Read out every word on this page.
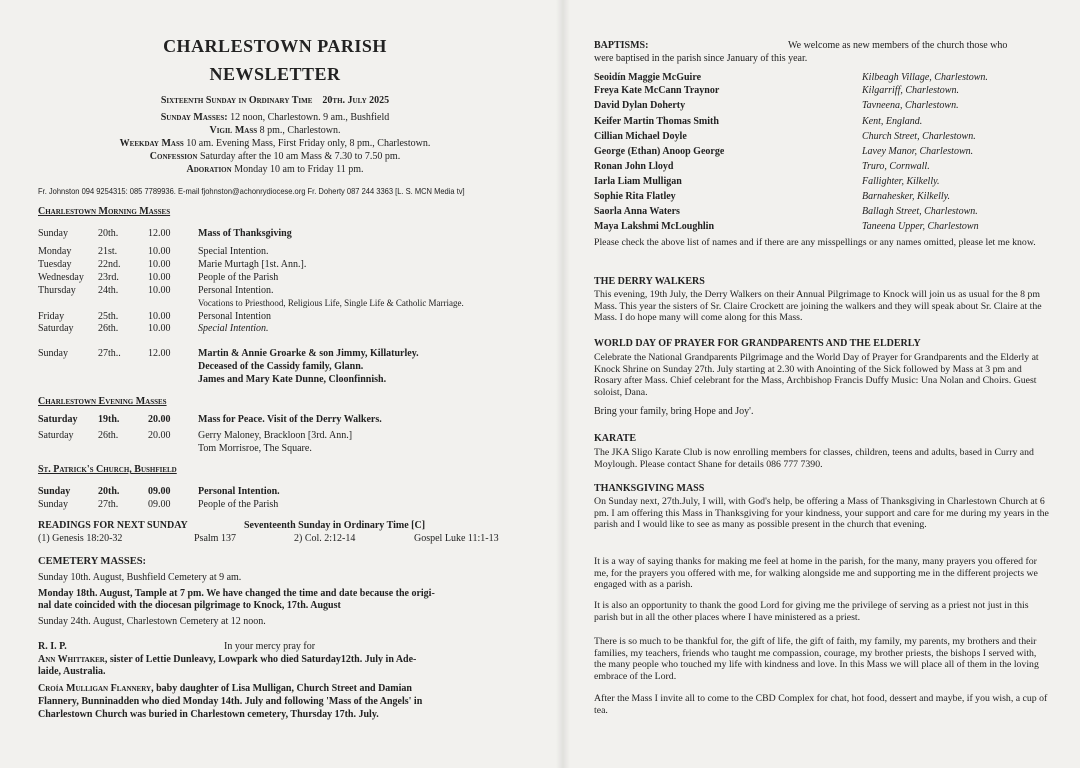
CHARLESTOWN PARISH
NEWSLETTER
Sixteenth Sunday in Ordinary Time 20th. July 2025
Sunday Masses: 12 noon, Charlestown. 9 am., Bushfield
Vigil Mass 8 pm., Charlestown.
Weekday Mass 10 am. Evening Mass, First Friday only, 8 pm., Charlestown.
Confession Saturday after the 10 am Mass & 7.30 to 7.50 pm.
Adoration Monday 10 am to Friday 11 pm.
Fr. Johnston 094 9254315: 085 7789936. E-mail fjohnston@achonrydiocese.org Fr. Doherty 087 244 3363 [L. S. MCN Media tv]
Charlestown Morning Masses
Sunday	20th.	12.00	Mass of Thanksgiving
Monday	21st.	10.00	Special Intention.
Tuesday	22nd.	10.00	Marie Murtagh [1st. Ann.].
Wednesday 23rd.	10.00	People of the Parish
Thursday 24th.	10.00	Personal Intention.
Vocations to Priesthood, Religious Life, Single Life & Catholic Marriage.
Friday	25th.	10.00	Personal Intention
Saturday 26th.	10.00	Special Intention.
Sunday	27th..	12.00	Martin & Annie Groarke & son Jimmy, Killaturley.
Deceased of the Cassidy family, Glann.
James and Mary Kate Dunne, Cloonfinnish.
Charlestown Evening Masses
Saturday 19th.	20.00	Mass for Peace. Visit of the Derry Walkers.
Saturday 26th.	20.00	Gerry Maloney, Brackloon [3rd. Ann.]
Tom Morrisroe, The Square.
St. Patrick's Church, Bushfield
Sunday	20th.	09.00	Personal Intention.
Sunday	27th.	09.00	People of the Parish
READINGS FOR NEXT SUNDAY	Seventeenth Sunday in Ordinary Time [C]
(1) Genesis 18:20-32	Psalm 137	2) Col. 2:12-14	Gospel Luke 11:1-13
CEMETERY MASSES:
Sunday 10th. August, Bushfield Cemetery at 9 am.
Monday 18th. August, Tample at 7 pm. We have changed the time and date because the origi-
nal date coincided with the diocesan pilgrimage to Knock, 17th. August
Sunday 24th. August, Charlestown Cemetery at 12 noon.
R. I. P.	In your mercy pray for
Ann Whittaker, sister of Lettie Dunleavy, Lowpark who died Saturday12th. July in Ade-
laide, Australia.
Croía Mulligan Flannery, baby daughter of Lisa Mulligan, Church Street and Damian
Flannery, Bunninadden who died Monday 14th. July and following 'Mass of the Angels' in
Charlestown Church was buried in Charlestown cemetery, Thursday 17th. July.
BAPTISMS:	We welcome as new members of the church those who
were baptised in the parish since January of this year.
Seoidín Maggie McGuire	Kilbeagh Village, Charlestown.
Freya Kate McCann Traynor	Kilgarriff, Charlestown.
David Dylan Doherty	Tavneena, Charlestown.
Keifer Martin Thomas Smith	Kent, England.
Cillian Michael Doyle	Church Street, Charlestown.
George (Ethan) Anoop George	Lavey Manor, Charlestown.
Ronan John Lloyd	Truro, Cornwall.
Iarla Liam Mulligan	Fallighter, Kilkelly.
Sophie Rita Flatley	Barnahesker, Kilkelly.
Saorla Anna Waters	Ballagh Street, Charlestown.
Maya Lakshmi McLoughlin	Taneena Upper, Charlestown
Please check the above list of names and if there are any misspellings or any names omitted, please let me know.
THE DERRY WALKERS
This evening, 19th July, the Derry Walkers on their Annual Pilgrimage to Knock will join us as usual for the 8 pm Mass. This year the sisters of Sr. Claire Crockett are joining the walkers and they will speak about Sr. Claire at the Mass. I do hope many will come along for this Mass.
WORLD DAY OF PRAYER FOR GRANDPARENTS AND THE ELDERLY
Celebrate the National Grandparents Pilgrimage and the World Day of Prayer for Grandparents and the Elderly at Knock Shrine on Sunday 27th. July starting at 2.30 with Anointing of the Sick followed by Mass at 3 pm and Rosary after Mass. Chief celebrant for the Mass, Archbishop Francis Duffy Music: Una Nolan and Choirs. Guest soloist, Dana.
Bring your family, bring Hope and Joy'.
KARATE
The JKA Sligo Karate Club is now enrolling members for classes, children, teens and adults, based in Curry and Moylough. Please contact Shane for details 086 777 7390.
THANKSGIVING MASS
On Sunday next, 27th.July, I will, with God's help, be offering a Mass of Thanksgiving in Charlestown Church at 6 pm. I am offering this Mass in Thanksgiving for your kindness, your support and care for me during my years in the parish and I would like to see as many as possible present in the church that evening.
It is a way of saying thanks for making me feel at home in the parish, for the many, many prayers you offered for me, for the prayers you offered with me, for walking alongside me and supporting me in the different projects we engaged with as a parish.
It is also an opportunity to thank the good Lord for giving me the privilege of serving as a priest not just in this parish but in all the other places where I have ministered as a priest.
There is so much to be thankful for, the gift of life, the gift of faith, my family, my parents, my brothers and their families, my teachers, friends who taught me compassion, courage, my brother priests, the bishops I served with, the many people who touched my life with kindness and love. In this Mass we will place all of them in the loving embrace of the Lord.
After the Mass I invite all to come to the CBD Complex for chat, hot food, dessert and maybe, if you wish, a cup of tea.
